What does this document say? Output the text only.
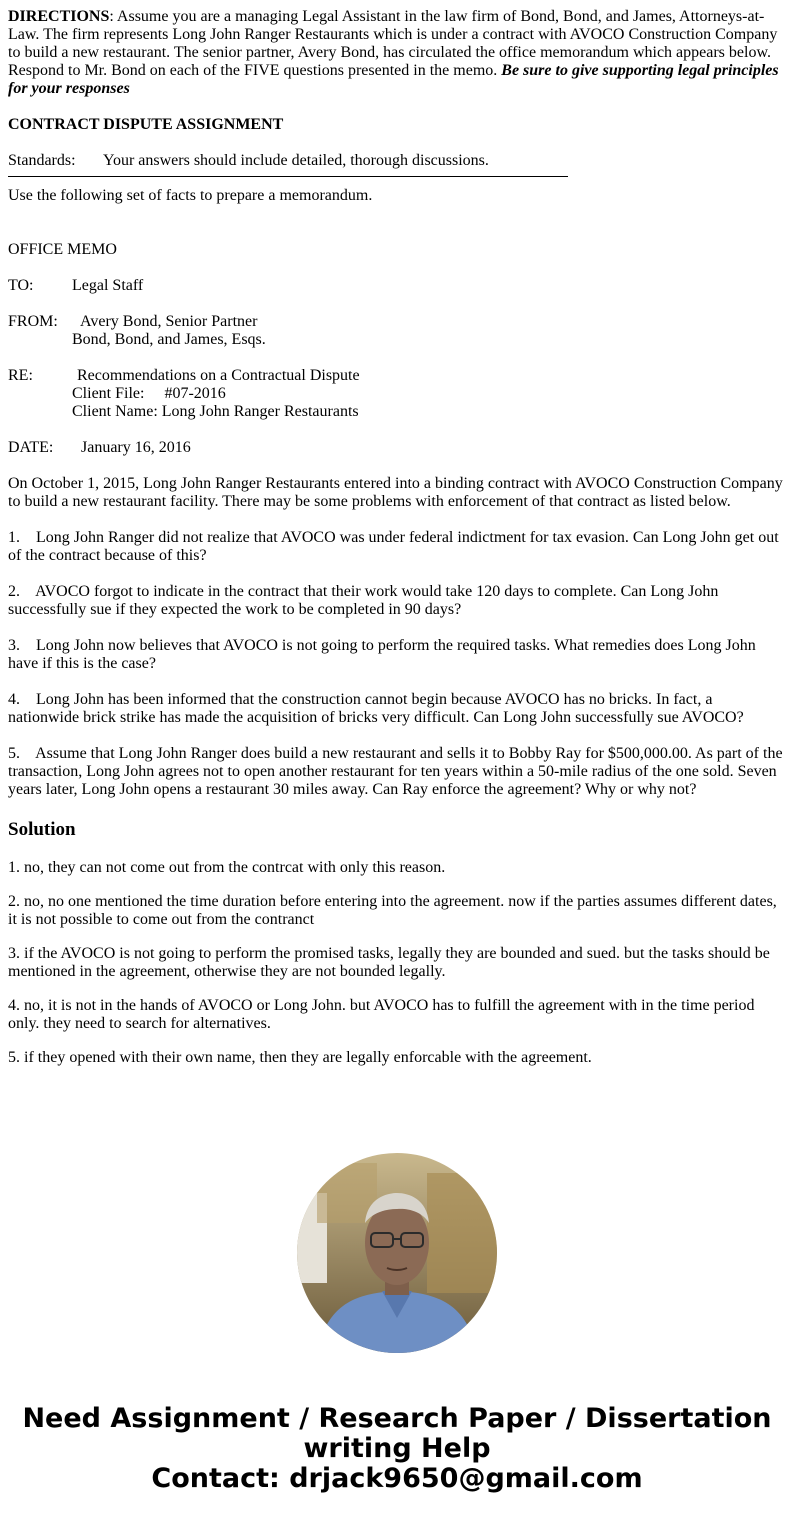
DIRECTIONS: Assume you are a managing Legal Assistant in the law firm of Bond, Bond, and James, Attorneys-at-Law. The firm represents Long John Ranger Restaurants which is under a contract with AVOCO Construction Company to build a new restaurant. The senior partner, Avery Bond, has circulated the office memorandum which appears below. Respond to Mr. Bond on each of the FIVE questions presented in the memo. Be sure to give supporting legal principles for your responses

CONTRACT DISPUTE ASSIGNMENT

Standards: Your answers should include detailed, thorough discussions.

Use the following set of facts to prepare a memorandum.

OFFICE MEMO

TO: Legal Staff

FROM: Avery Bond, Senior Partner
Bond, Bond, and James, Esqs.

RE:	Recommendations on a Contractual Dispute
Client File:     #07-2016
Client Name: Long John Ranger Restaurants

DATE: January 16, 2016

On October 1, 2015, Long John Ranger Restaurants entered into a binding contract with AVOCO Construction Company to build a new restaurant facility. There may be some problems with enforcement of that contract as listed below.

1.    Long John Ranger did not realize that AVOCO was under federal indictment for tax evasion. Can Long John get out of the contract because of this?

2.    AVOCO forgot to indicate in the contract that their work would take 120 days to complete. Can Long John successfully sue if they expected the work to be completed in 90 days?

3.    Long John now believes that AVOCO is not going to perform the required tasks. What remedies does Long John have if this is the case?

4.    Long John has been informed that the construction cannot begin because AVOCO has no bricks. In fact, a nationwide brick strike has made the acquisition of bricks very difficult. Can Long John successfully sue AVOCO?

5.    Assume that Long John Ranger does build a new restaurant and sells it to Bobby Ray for $500,000.00. As part of the transaction, Long John agrees not to open another restaurant for ten years within a 50-mile radius of the one sold. Seven years later, Long John opens a restaurant 30 miles away. Can Ray enforce the agreement? Why or why not?

Solution

1. no, they can not come out from the contrcat with only this reason.

2. no, no one mentioned the time duration before entering into the agreement. now if the parties assumes different dates, it is not possible to come out from the contranct

3. if the AVOCO is not going to perform the promised tasks, legally they are bounded and sued. but the tasks should be mentioned in the agreement, otherwise they are not bounded legally.

4. no, it is not in the hands of AVOCO or Long John. but AVOCO has to fulfill the agreement with in the time period only. they need to search for alternatives.

5. if they opened with their own name, then they are legally enforcable with the agreement.

Need Assignment / Research Paper / Dissertation
writing Help
Contact: drjack9650@gmail.com
